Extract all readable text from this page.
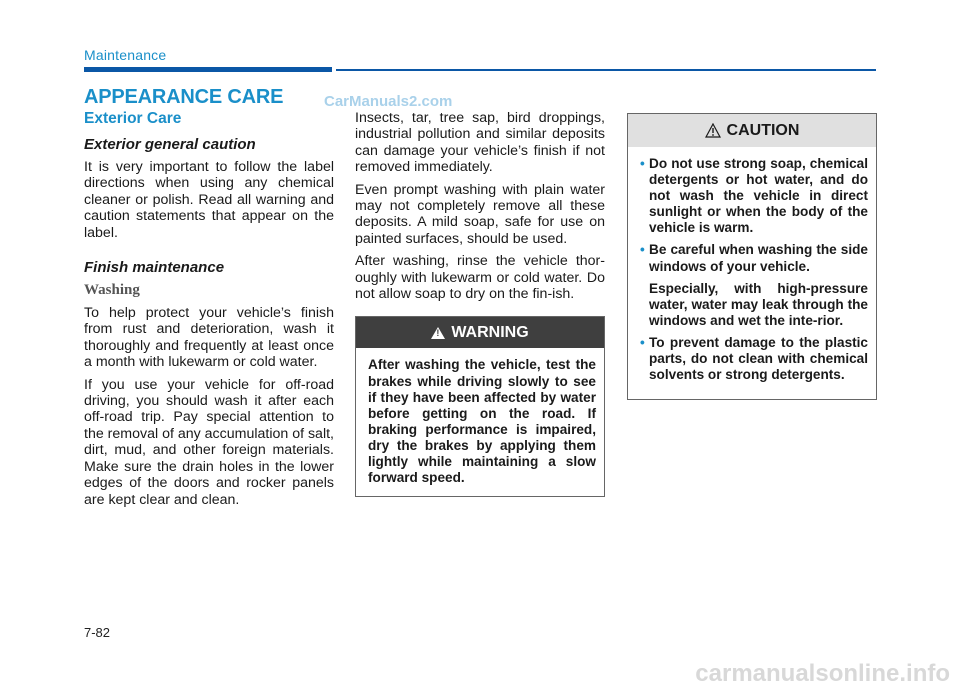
Maintenance
APPEARANCE CARE	CarManuals2.com
Exterior Care
Exterior general caution

It is very important to follow the label directions when using any chemical cleaner or polish. Read all warning and caution statements that appear on the label.

Finish maintenance
Washing

To help protect your vehicle’s finish from rust and deterioration, wash it thoroughly and frequently at least once a month with lukewarm or cold water.

If you use your vehicle for off-road driving, you should wash it after each off-road trip. Pay special attention to the removal of any accumulation of salt, dirt, mud, and other foreign materials. Make sure the drain holes in the lower edges of the doors and rocker panels are kept clear and clean.

Insects, tar, tree sap, bird droppings, industrial pollution and similar deposits can damage your vehicle’s finish if not removed immediately.

Even prompt washing with plain water may not completely remove all these deposits. A mild soap, safe for use on painted surfaces, should be used.

After washing, rinse the vehicle thor-oughly with lukewarm or cold water. Do not allow soap to dry on the fin-ish.

!
WARNING
After washing the vehicle, test the brakes while driving slowly to see if they have been affected by water before getting on the road. If braking performance is impaired, dry the brakes by applying them lightly while maintaining a slow forward speed.
CAUTION
• Do not use strong soap, chemical detergents or hot water, and do not wash the vehicle in direct sunlight or when the body of the vehicle is warm.
• Be careful when washing the side windows of your vehicle.
Especially, with high-pressure water, water may leak through the windows and wet the inte-rior.
• To prevent damage to the plastic parts, do not clean with chemical solvents or strong detergents.
7-82
carmanualsonline.info
